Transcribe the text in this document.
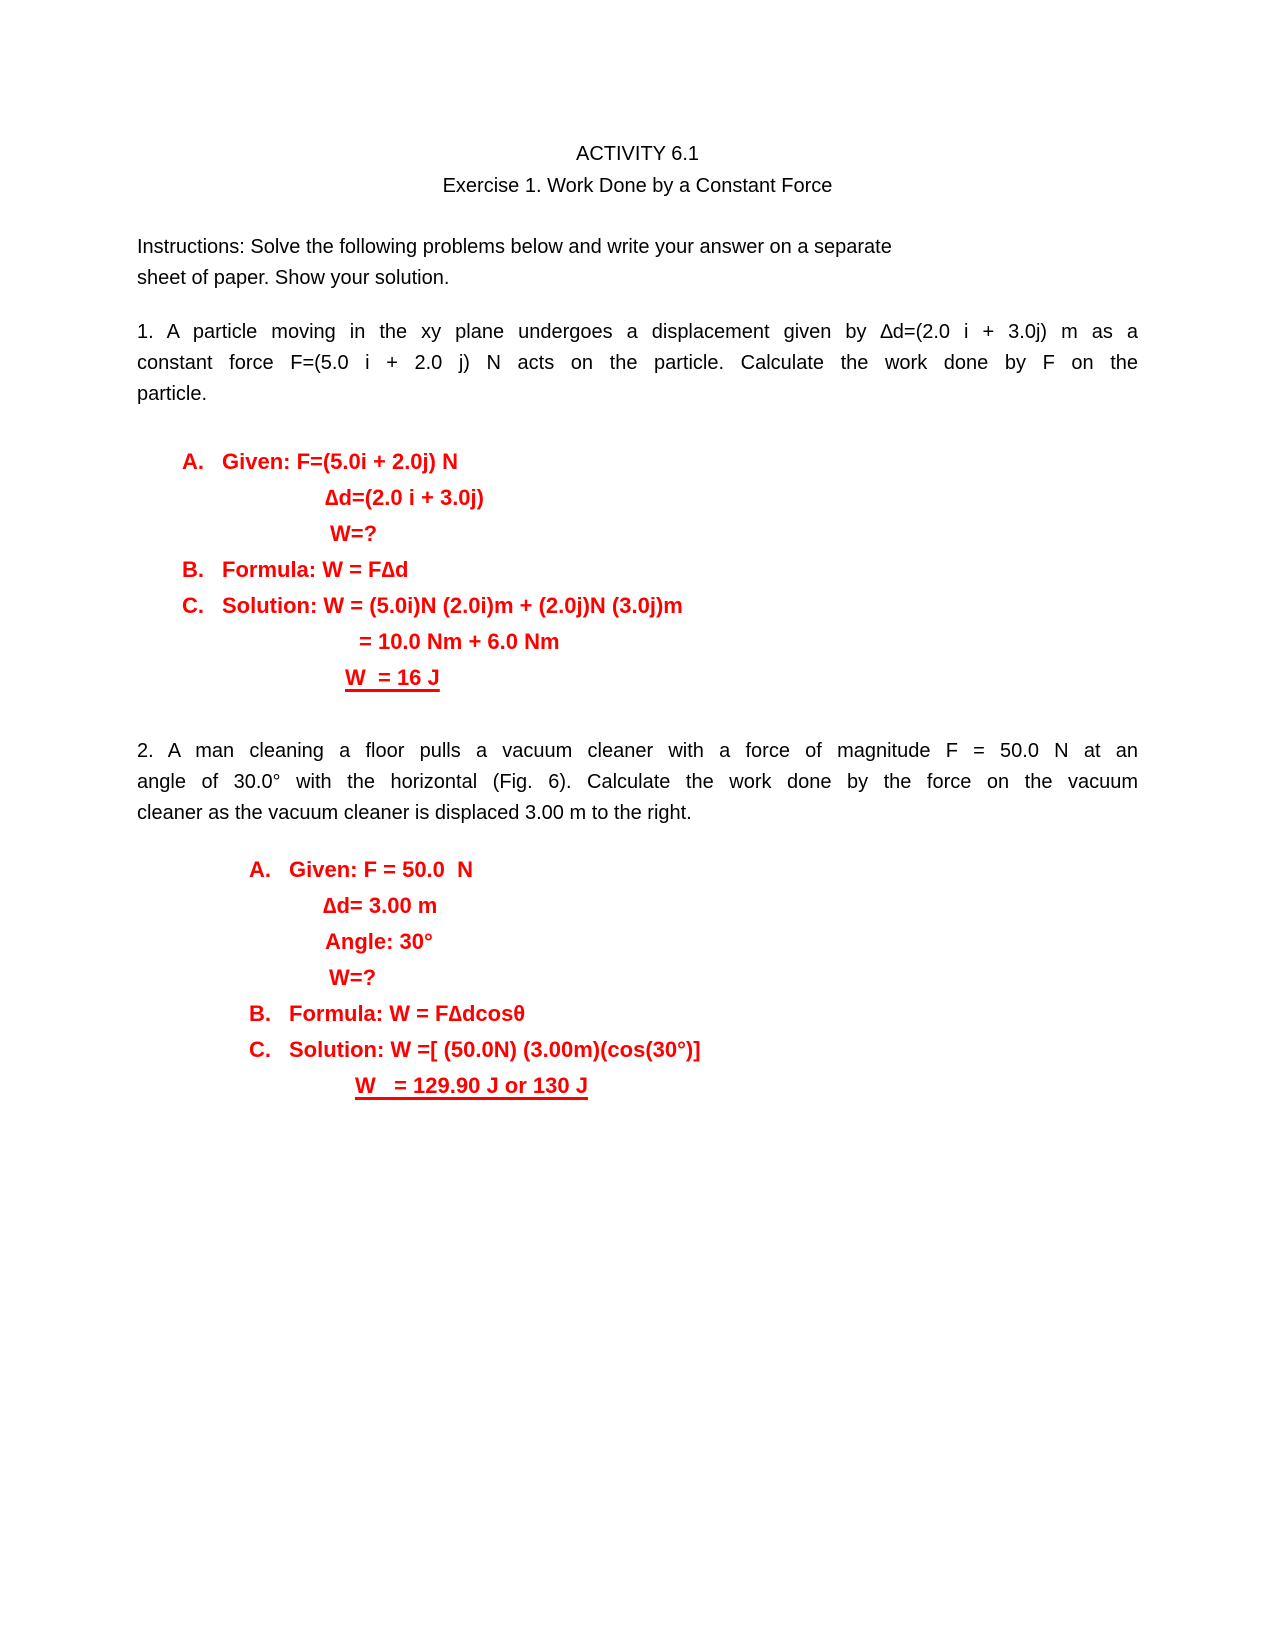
ACTIVITY 6.1
Exercise 1. Work Done by a Constant Force
Instructions: Solve the following problems below and write your answer on a separate
sheet of paper. Show your solution.
1. A particle moving in the xy plane undergoes a displacement given by ∆d=(2.0 i + 3.0j) m as a
constant force F=(5.0 i + 2.0 j) N acts on the particle. Calculate the work done by F on the
particle.
A. Given: F=(5.0i + 2.0j) N
∆d=(2.0 i + 3.0j)
W=?
B. Formula: W = F∆d
C. Solution: W = (5.0i)N (2.0i)m + (2.0j)N (3.0j)m
= 10.0 Nm + 6.0 Nm
W  = 16 J
2. A man cleaning a floor pulls a vacuum cleaner with a force of magnitude F = 50.0 N at an
angle of 30.0° with the horizontal (Fig. 6). Calculate the work done by the force on the vacuum
cleaner as the vacuum cleaner is displaced 3.00 m to the right.
A. Given: F = 50.0  N
∆d= 3.00 m
Angle: 30°
W=?
B. Formula: W = F∆dcosθ
C. Solution: W =[ (50.0N) (3.00m)(cos(30°)]
W   = 129.90 J or 130 J
